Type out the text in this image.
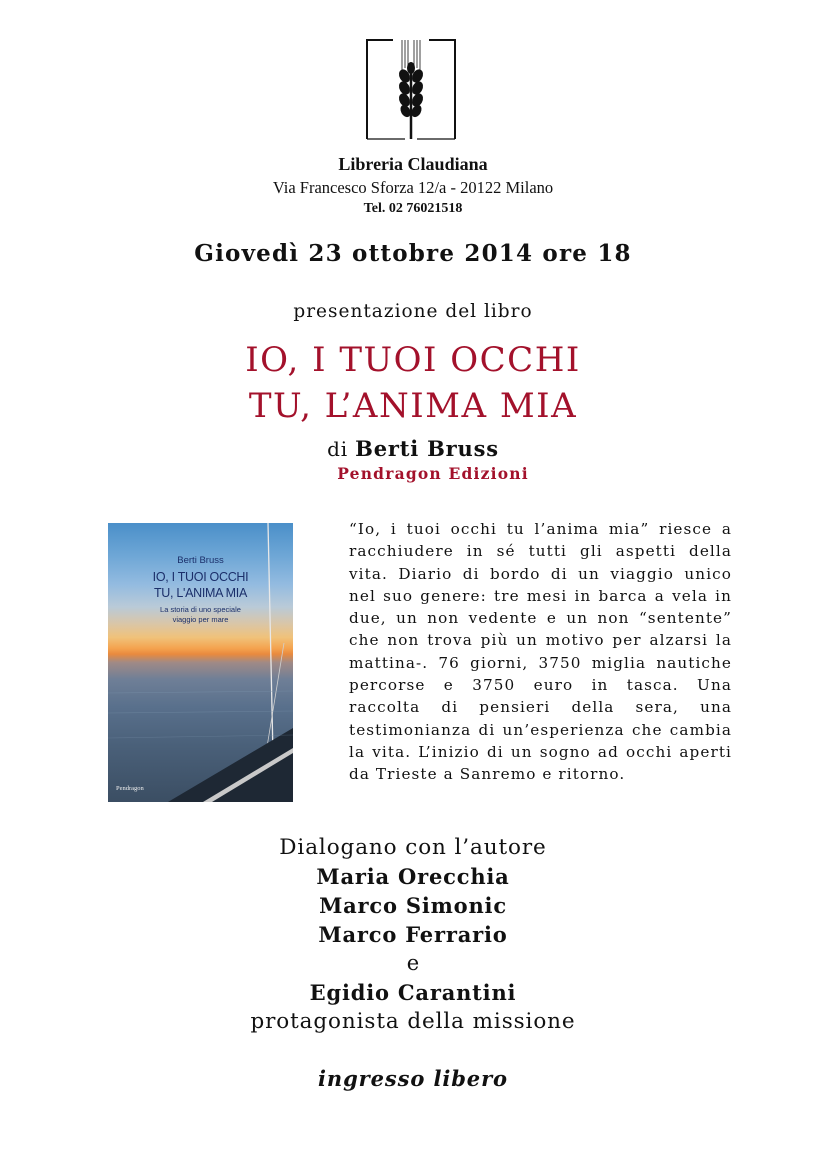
Libreria Claudiana
Via Francesco Sforza 12/a - 20122 Milano
Tel. 02 76021518
Giovedì 23 ottobre 2014 ore 18
presentazione del libro
IO, I TUOI OCCHI
TU, L’ANIMA MIA
di Berti Bruss
Pendragon Edizioni
Berti Bruss
IO, I TUOI OCCHI
TU, L'ANIMA MIA
La storia di uno speciale
viaggio per mare
Pendragon

“Io, i tuoi occhi tu l’anima mia” riesce a racchiudere in sé tutti gli aspetti della vita. Diario di bordo di un viaggio unico nel suo genere: tre mesi in barca a vela in due, un non vedente e un non “sentente” che non trova più un motivo per alzarsi la mattina-. 76 giorni, 3750 miglia nautiche percorse e 3750 euro in tasca. Una raccolta di pensieri della sera, una testimonianza di un’esperienza che cambia la vita. L’inizio di un sogno ad occhi aperti da Trieste a Sanremo e ritorno.

Dialogano con l’autore
Maria Orecchia
Marco Simonic
Marco Ferrario
e
Egidio Carantini
protagonista della missione
ingresso libero
